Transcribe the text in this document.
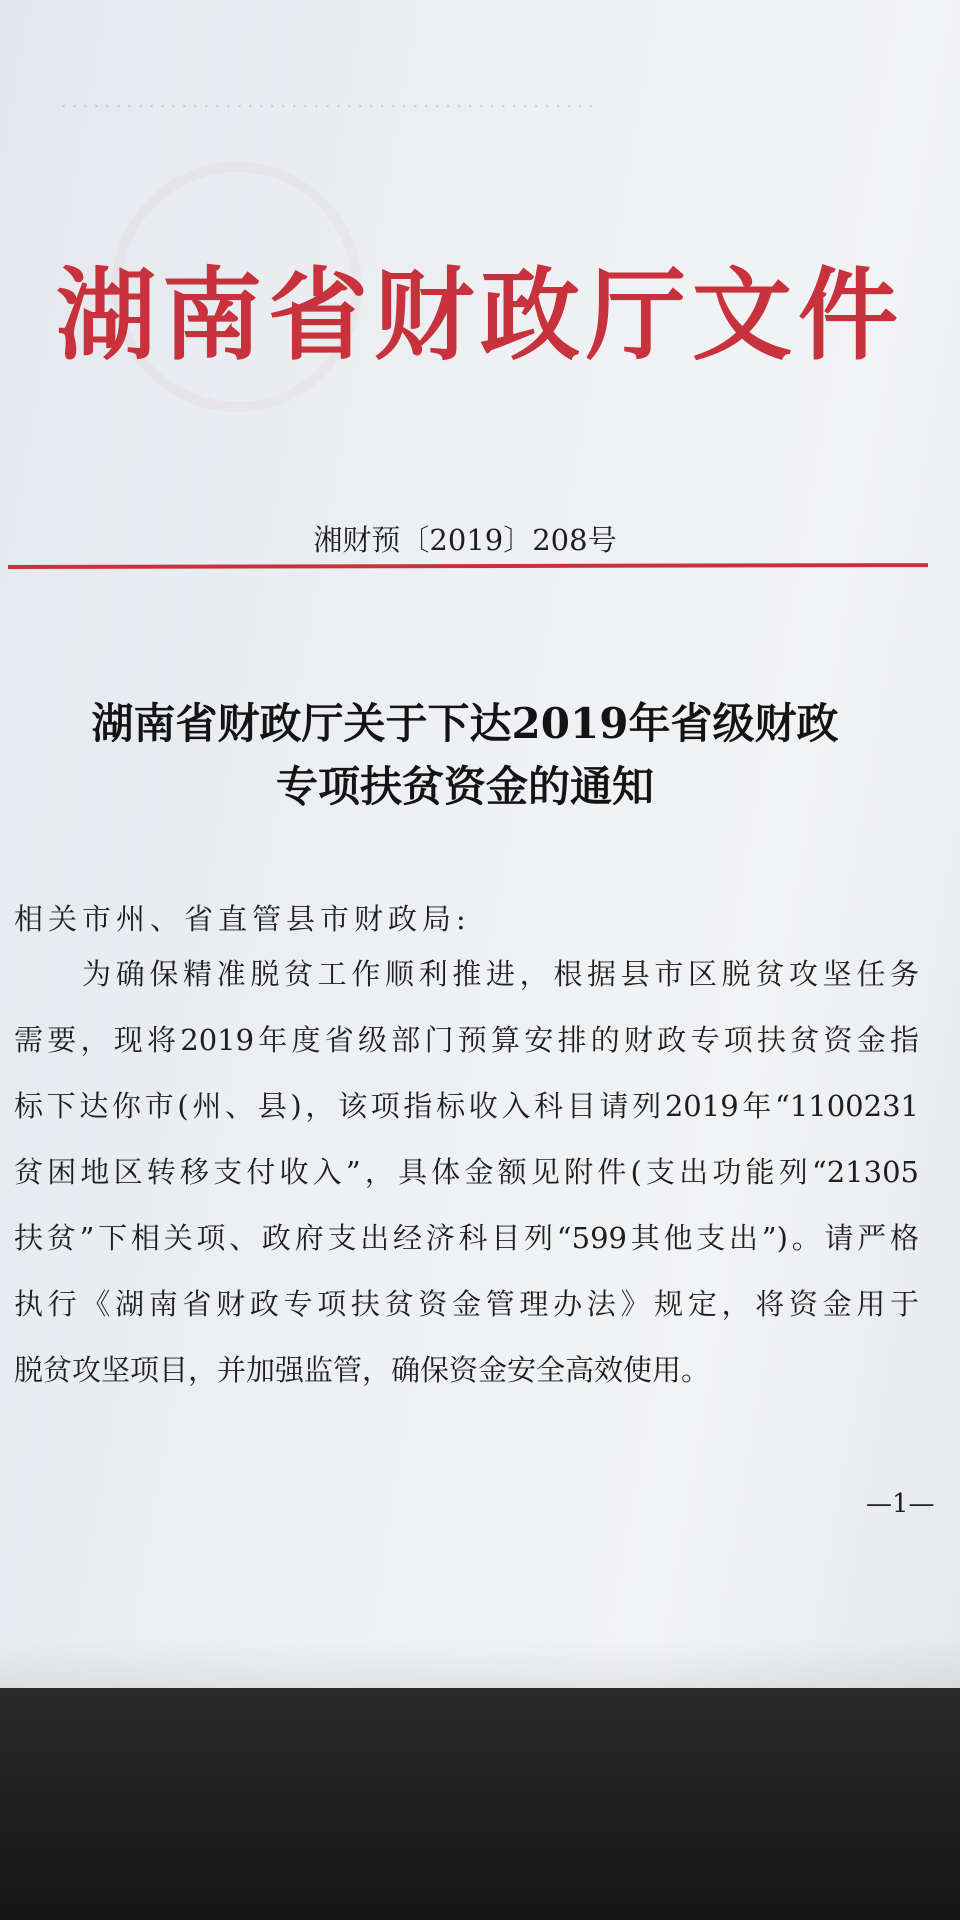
·················································
湖南省财政厅文件
湘财预〔2019〕208号
湖南省财政厅关于下达2019年省级财政
专项扶贫资金的通知
相关市州、省直管县市财政局:
为确保精准脱贫工作顺利推进，根据县市区脱贫攻坚任务
需要，现将2019年度省级部门预算安排的财政专项扶贫资金指
标下达你市(州、县)，该项指标收入科目请列2019年“1100231
贫困地区转移支付收入”，具体金额见附件(支出功能列“21305
扶贫”下相关项、政府支出经济科目列“599其他支出”)。请严格
执行《湖南省财政专项扶贫资金管理办法》规定，将资金用于
脱贫攻坚项目，并加强监管，确保资金安全高效使用。
—1—
